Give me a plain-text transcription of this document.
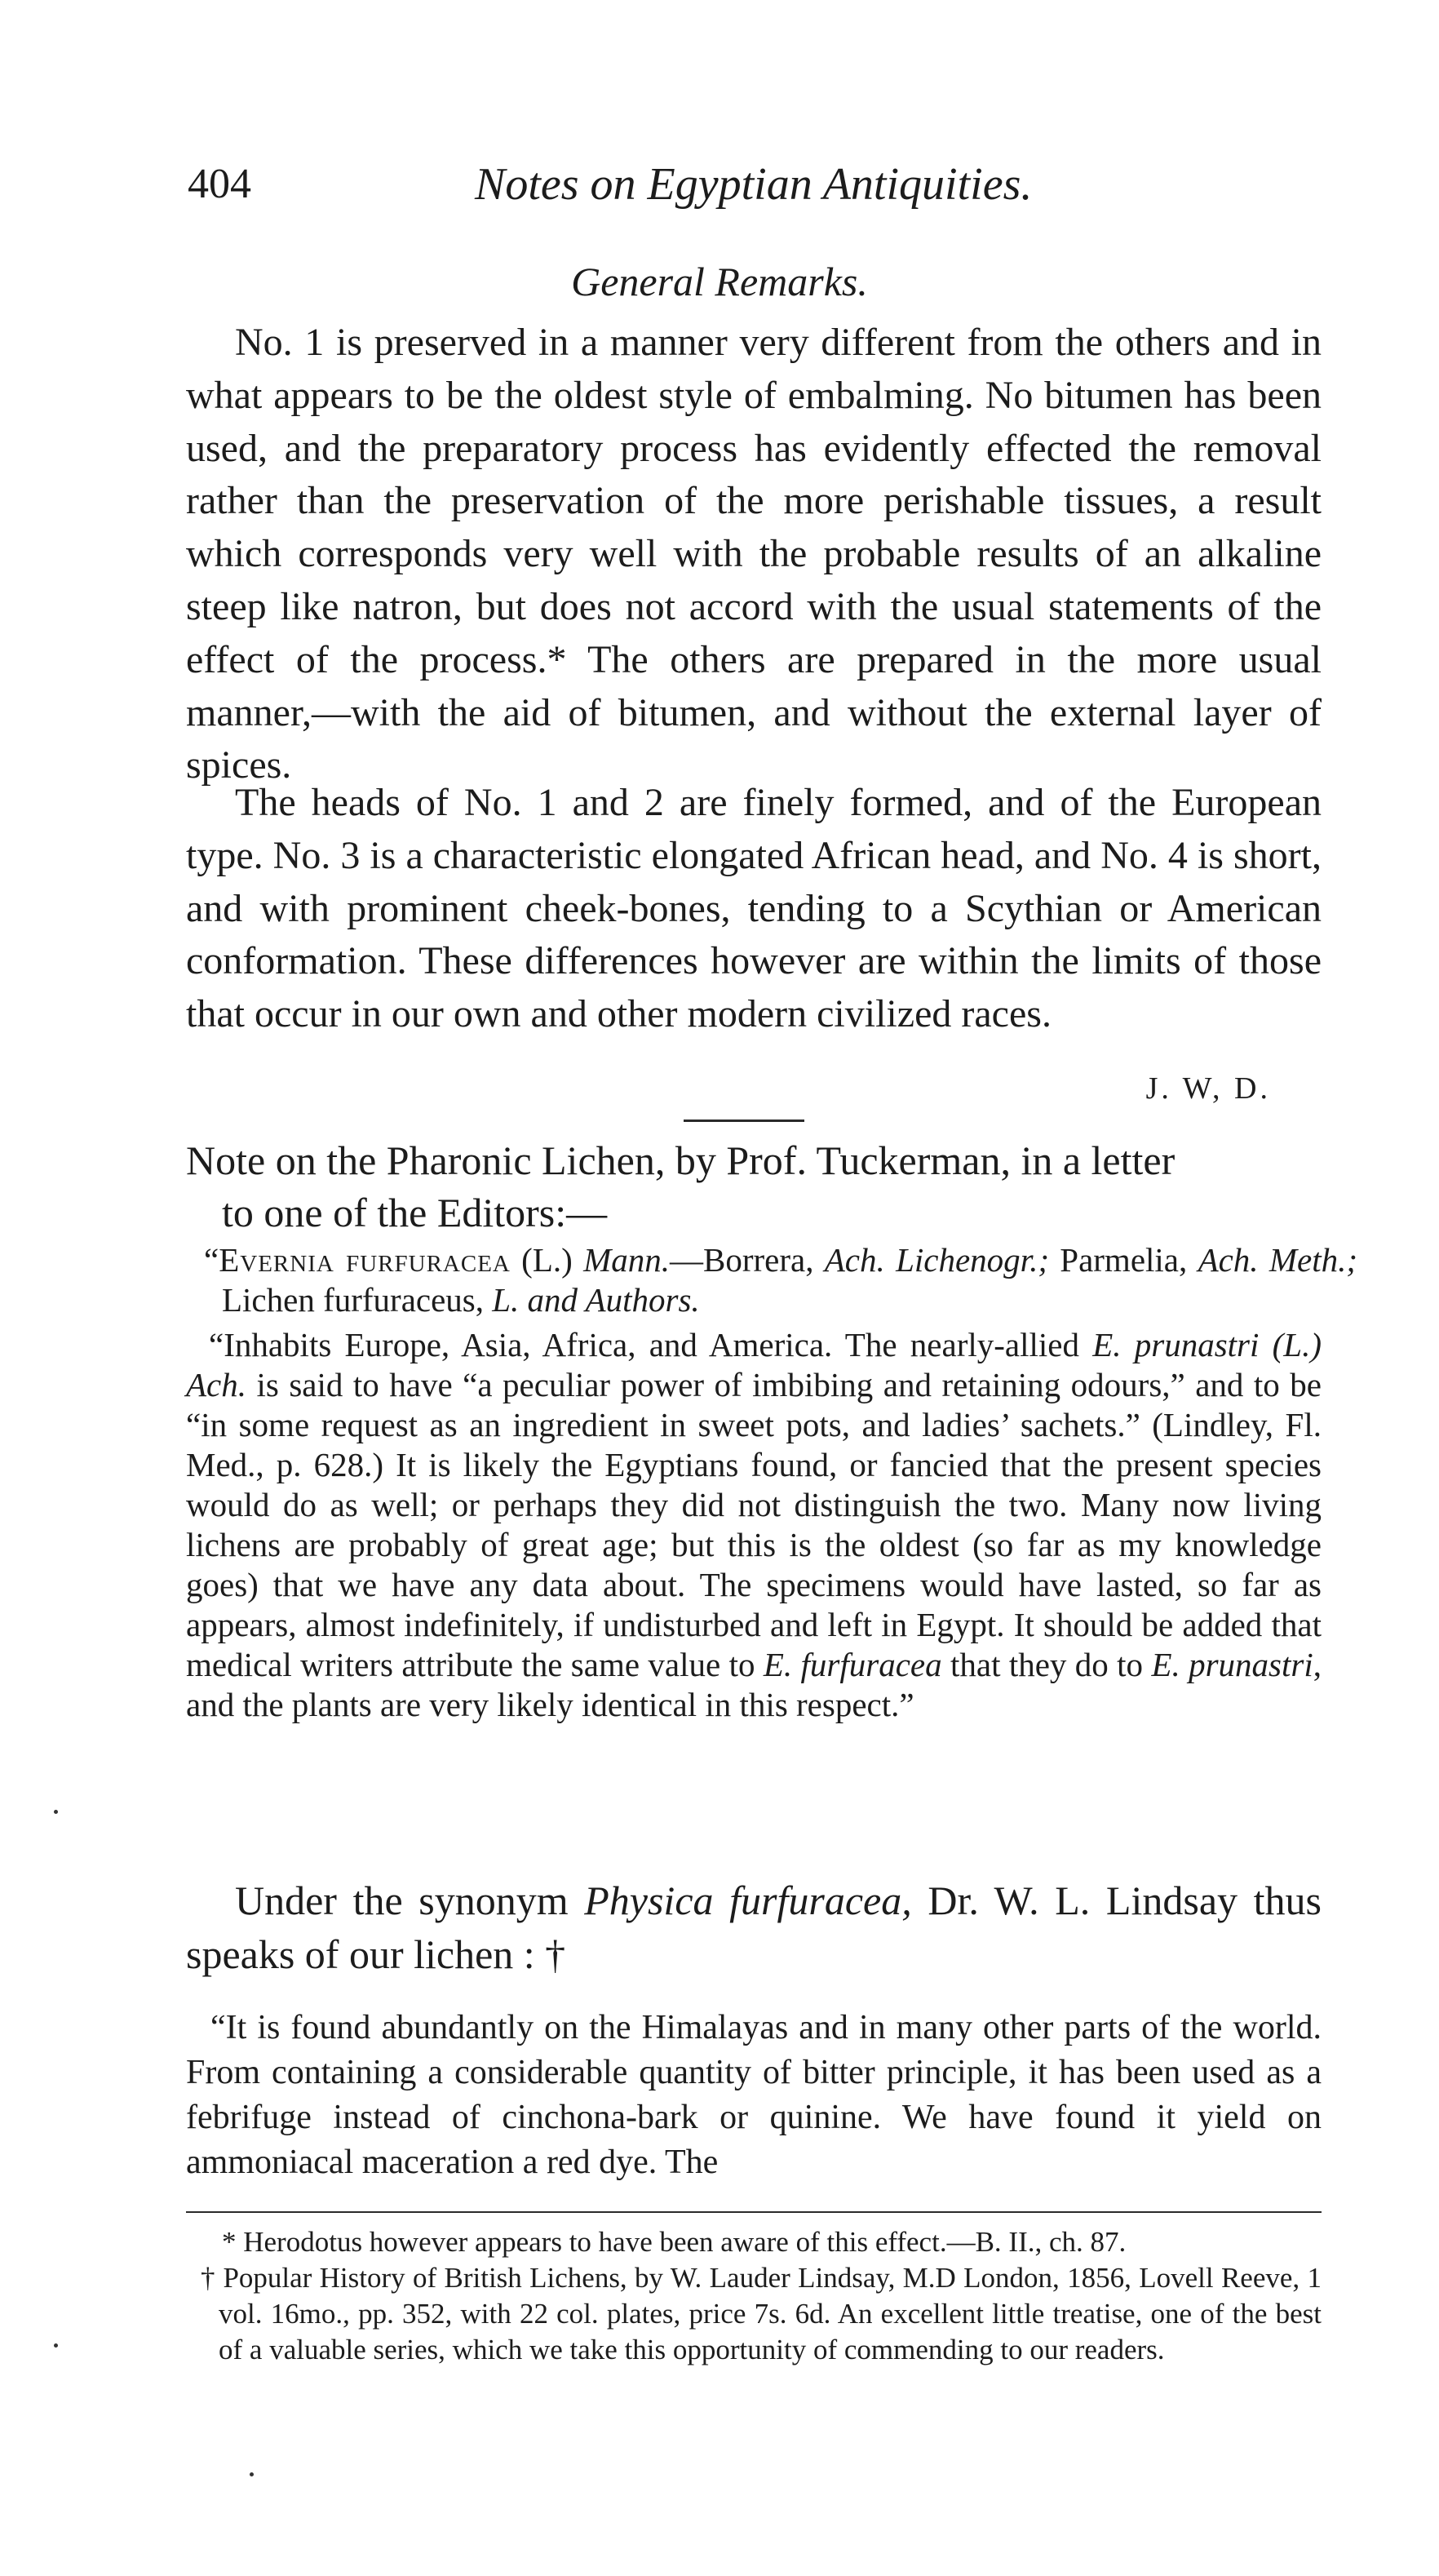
404	Notes on Egyptian Antiquities.
General Remarks.

No. 1 is preserved in a manner very different from the others and in what appears to be the oldest style of embalming. No bitumen has been used, and the preparatory process has evidently effected the removal rather than the preservation of the more perishable tissues, a result which corresponds very well with the probable results of an alkaline steep like natron, but does not accord with the usual statements of the effect of the process.* The others are prepared in the more usual manner,—with the aid of bitumen, and without the external layer of spices.

The heads of No. 1 and 2 are finely formed, and of the European type. No. 3 is a characteristic elongated African head, and No. 4 is short, and with prominent cheek-bones, tending to a Scythian or American conformation. These differences however are within the limits of those that occur in our own and other modern civilized races.

J. W, D.

Note on the Pharonic Lichen, by Prof. Tuckerman, in a letter
to one of the Editors:—

“Evernia furfuracea (L.) Mann.—Borrera, Ach. Lichenogr.; Parmelia, Ach. Meth.; Lichen furfuraceus, L. and Authors.

“Inhabits Europe, Asia, Africa, and America. The nearly-allied E. prunastri (L.) Ach. is said to have “a peculiar power of imbibing and retaining odours,” and to be “in some request as an ingredient in sweet pots, and ladies’ sachets.” (Lindley, Fl. Med., p. 628.) It is likely the Egyptians found, or fancied that the present species would do as well; or perhaps they did not distinguish the two. Many now living lichens are probably of great age; but this is the oldest (so far as my knowledge goes) that we have any data about. The specimens would have lasted, so far as appears, almost indefinitely, if undisturbed and left in Egypt. It should be added that medical writers attribute the same value to E. furfuracea that they do to E. prunastri, and the plants are very likely identical in this respect.”

Under the synonym Physica furfuracea, Dr. W. L. Lindsay thus speaks of our lichen : †

“It is found abundantly on the Himalayas and in many other parts of the world. From containing a considerable quantity of bitter principle, it has been used as a febrifuge instead of cinchona-bark or quinine. We have found it yield on ammoniacal maceration a red dye. The

* Herodotus however appears to have been aware of this effect.—B. II., ch. 87.

† Popular History of British Lichens, by W. Lauder Lindsay, M.D London, 1856, Lovell Reeve, 1 vol. 16mo., pp. 352, with 22 col. plates, price 7s. 6d. An excellent little treatise, one of the best of a valuable series, which we take this opportunity of commending to our readers.
